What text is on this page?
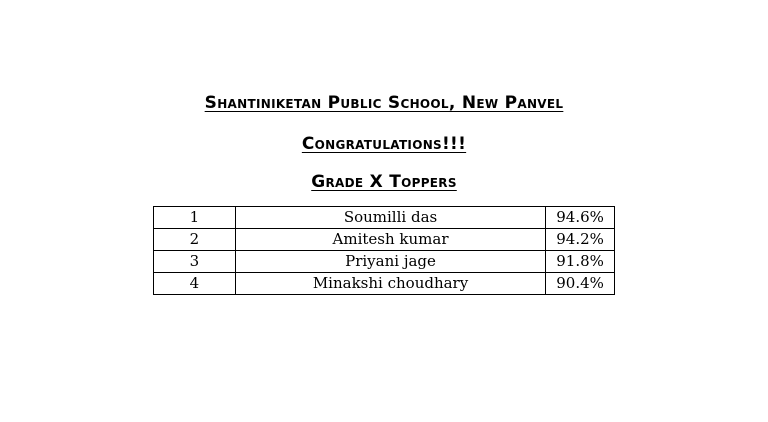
Shantiniketan Public School, New Panvel
Congratulations!!!
Grade X Toppers
1	Soumilli das	94.6%
2	Amitesh kumar	94.2%
3	Priyani jage	91.8%
4	Minakshi choudhary	90.4%
